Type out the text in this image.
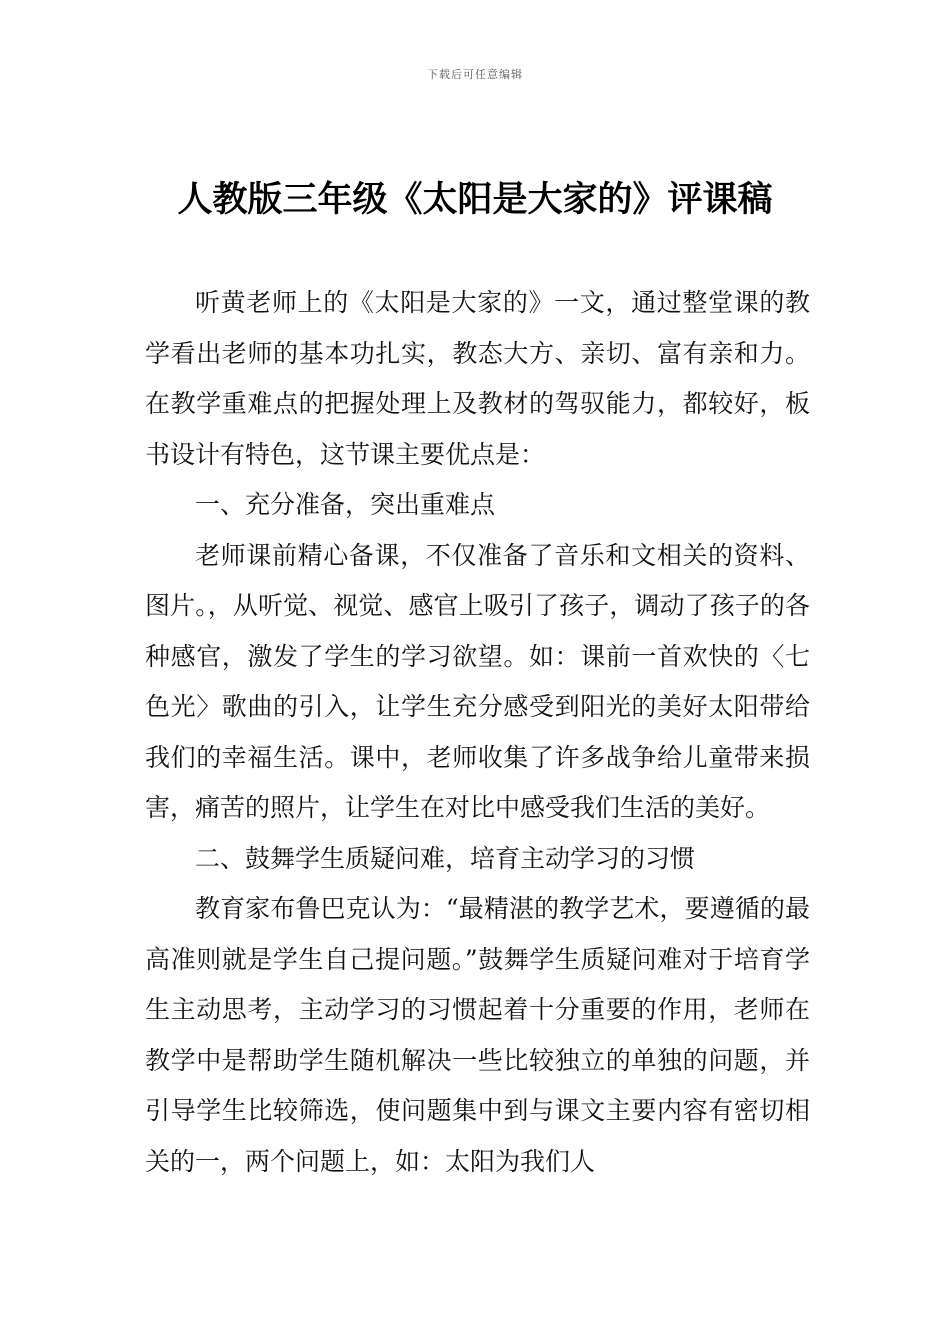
下载后可任意编辑
人教版三年级《太阳是大家的》评课稿

听黄老师上的《太阳是大家的》一文，通过整堂课的教学看出老师的基本功扎实，教态大方、亲切、富有亲和力。在教学重难点的把握处理上及教材的驾驭能力，都较好，板书设计有特色，这节课主要优点是：

一、充分准备，突出重难点

老师课前精心备课，不仅准备了音乐和文相关的资料、图片。，从听觉、视觉、感官上吸引了孩子，调动了孩子的各种感官，激发了学生的学习欲望。如：课前一首欢快的〈七色光〉歌曲的引入，让学生充分感受到阳光的美好太阳带给我们的幸福生活。课中，老师收集了许多战争给儿童带来损害，痛苦的照片，让学生在对比中感受我们生活的美好。

二、鼓舞学生质疑问难，培育主动学习的习惯

教育家布鲁巴克认为：“最精湛的教学艺术，要遵循的最高准则就是学生自己提问题。”鼓舞学生质疑问难对于培育学生主动思考，主动学习的习惯起着十分重要的作用，老师在教学中是帮助学生随机解决一些比较独立的单独的问题，并引导学生比较筛选，使问题集中到与课文主要内容有密切相关的一，两个问题上，如：太阳为我们人
